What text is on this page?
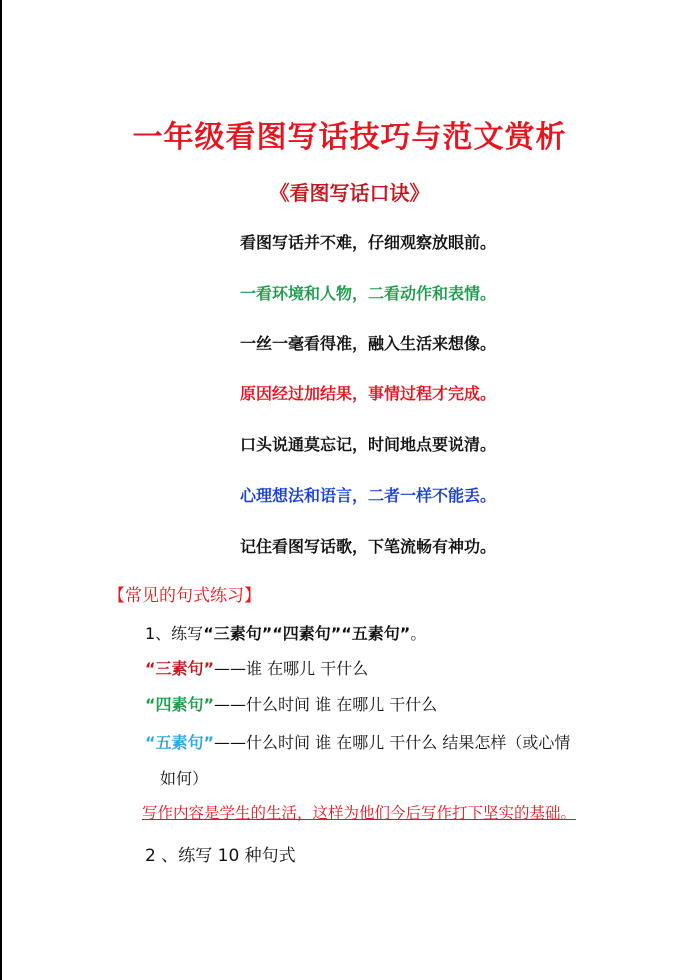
一年级看图写话技巧与范文赏析
《看图写话口诀》
看图写话并不难，仔细观察放眼前。
一看环境和人物，二看动作和表情。
一丝一毫看得准，融入生活来想像。
原因经过加结果，事情过程才完成。
口头说通莫忘记，时间地点要说清。
心理想法和语言，二者一样不能丢。
记住看图写话歌，下笔流畅有神功。
【常见的句式练习】
1、练写“三素句”“四素句”“五素句”。
“三素句”——谁 在哪儿 干什么
“四素句”——什么时间 谁 在哪儿 干什么
“五素句”——什么时间 谁 在哪儿 干什么 结果怎样（或心情
如何）
写作内容是学生的生活，这样为他们今后写作打下坚实的基础。
2 、练写 10 种句式
